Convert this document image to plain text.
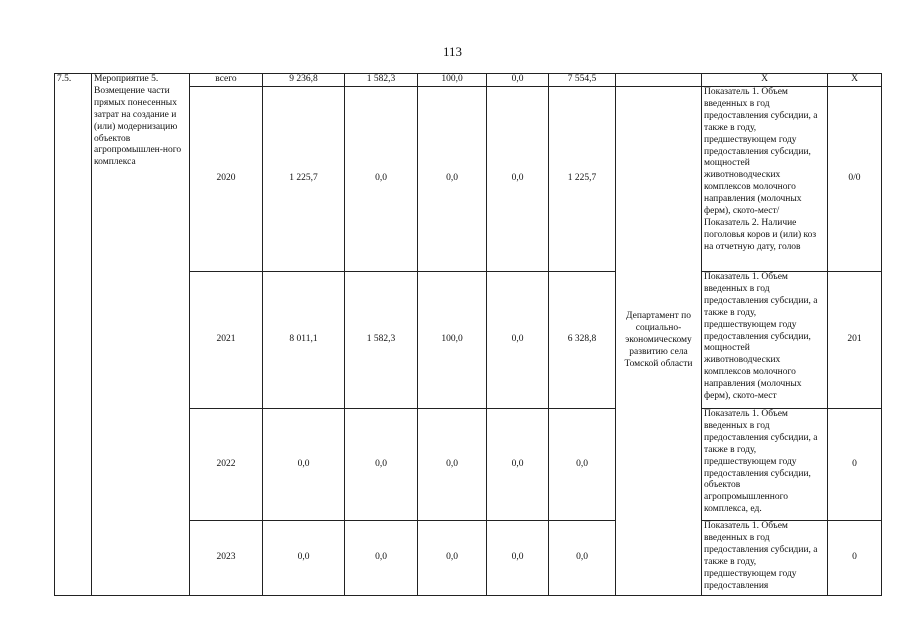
113
7.5.	Мероприятие 5. Возмещение части прямых понесенных затрат на создание и (или) модернизацию объектов агропромышлен-ного комплекса	всего	9 236,8	1 582,3	100,0	0,0	7 554,5		Х	Х
		2020	1 225,7	0,0	0,0	0,0	1 225,7	Департамент по социально-экономическому развитию села Томской области	Показатель 1. Объем введенных в год предоставления субсидии, а также в году, предшествующем году предоставления субсидии, мощностей животноводческих комплексов молочного направления (молочных ферм), ското-мест/ Показатель 2. Наличие поголовья коров и (или) коз на отчетную дату, голов	0/0
		2021	8 011,1	1 582,3	100,0	0,0	6 328,8		Показатель 1. Объем введенных в год предоставления субсидии, а также в году, предшествующем году предоставления субсидии, мощностей животноводческих комплексов молочного направления (молочных ферм), ското-мест	201
		2022	0,0	0,0	0,0	0,0	0,0		Показатель 1. Объем введенных в год предоставления субсидии, а также в году, предшествующем году предоставления субсидии, объектов агропромышленного комплекса, ед.	0
		2023	0,0	0,0	0,0	0,0	0,0		Показатель 1. Объем введенных в год предоставления субсидии, а также в году, предшествующем году предоставления	0
